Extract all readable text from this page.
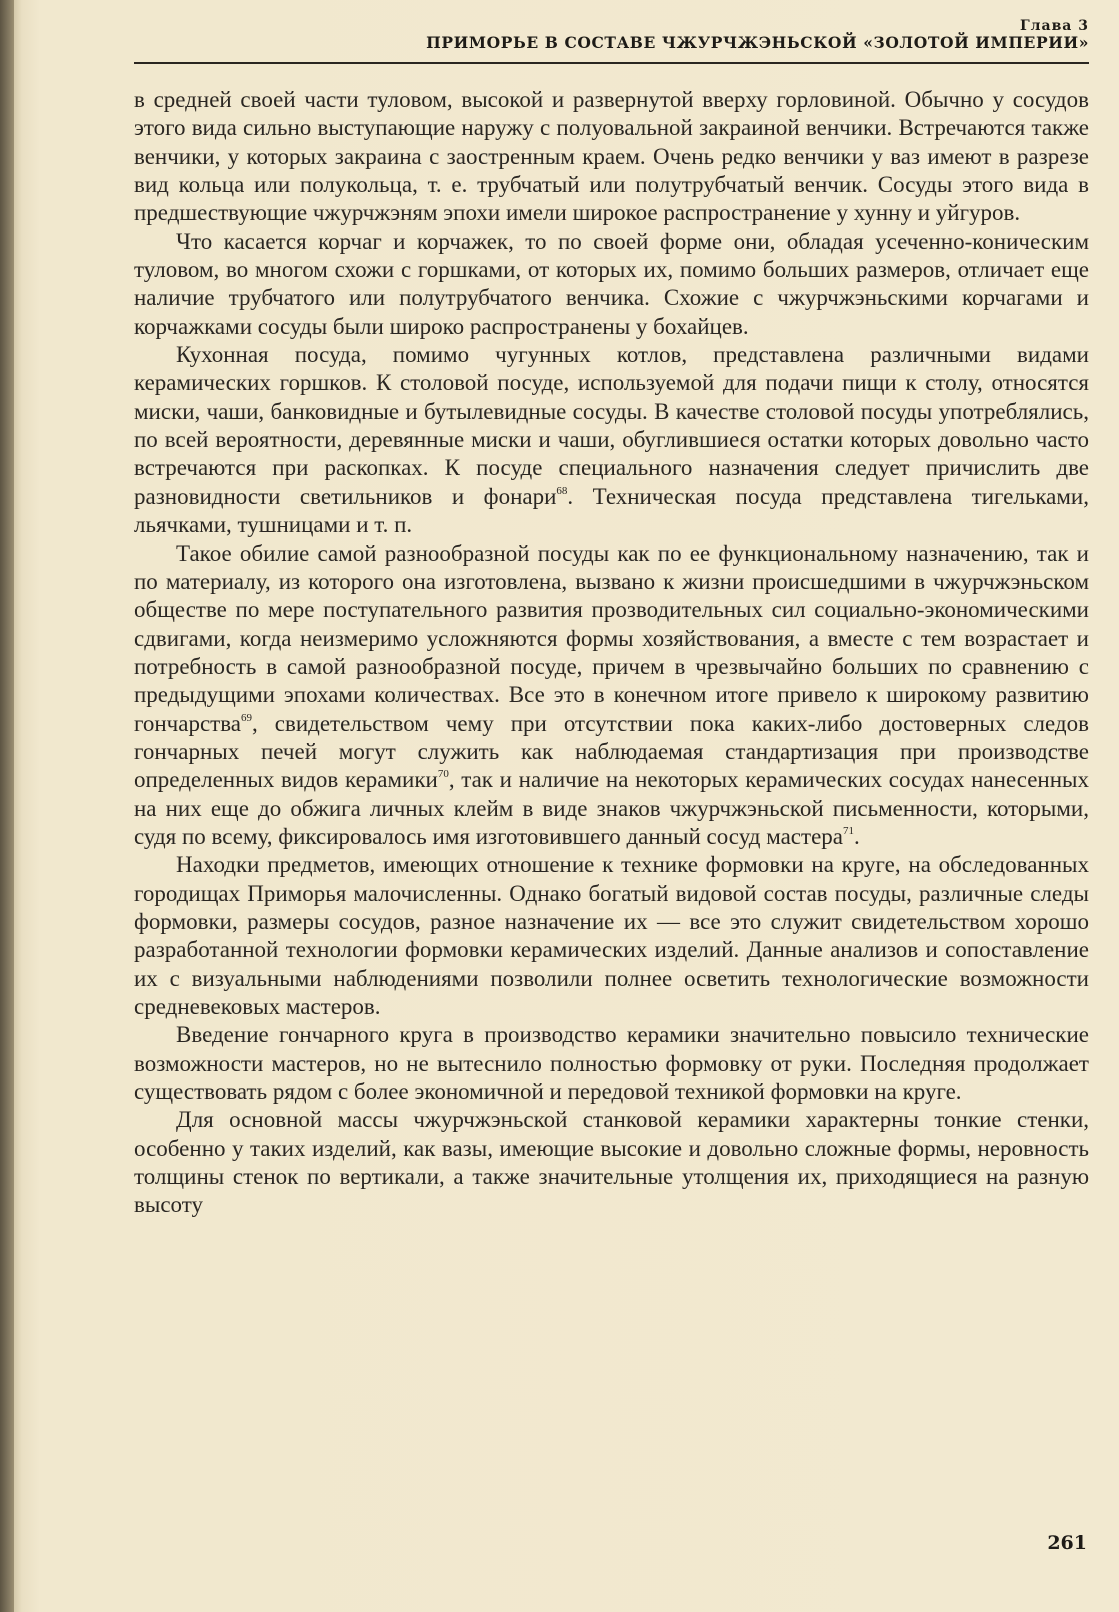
Глава 3
ПРИМОРЬЕ В СОСТАВЕ ЧЖУРЧЖЭНЬСКОЙ «ЗОЛОТОЙ ИМПЕРИИ»

в средней своей части туловом, высокой и развернутой вверху горловиной. Обычно у сосудов этого вида сильно выступающие наружу с полуовальной закраиной венчики. Встречаются также венчики, у которых закраина с заостренным краем. Очень редко венчики у ваз имеют в разрезе вид кольца или полукольца, т. е. трубчатый или полутрубчатый венчик. Сосуды этого вида в предшествующие чжурчжэням эпохи имели широкое распространение у хунну и уйгуров.

Что касается корчаг и корчажек, то по своей форме они, обладая усеченно-коническим туловом, во многом схожи с горшками, от которых их, помимо больших размеров, отличает еще наличие трубчатого или полутрубчатого венчика. Схожие с чжурчжэньскими корчагами и корчажками сосуды были широко распространены у бохайцев.

Кухонная посуда, помимо чугунных котлов, представлена различными видами керамических горшков. К столовой посуде, используемой для подачи пищи к столу, относятся миски, чаши, банковидные и бутылевидные сосуды. В качестве столовой посуды употреблялись, по всей вероятности, деревянные миски и чаши, обуглившиеся остатки которых довольно часто встречаются при раскопках. К посуде специального назначения следует причислить две разновидности светильников и фонари$^{68}$. Техническая посуда представлена тигельками, льячками, тушницами и т. п.

Такое обилие самой разнообразной посуды как по ее функциональному назначению, так и по материалу, из которого она изготовлена, вызвано к жизни происшедшими в чжурчжэньском обществе по мере поступательного развития прозводительных сил социально-экономическими сдвигами, когда неизмеримо усложняются формы хозяйствования, а вместе с тем возрастает и потребность в самой разнообразной посуде, причем в чрезвычайно больших по сравнению с предыдущими эпохами количествах. Все это в конечном итоге привело к широкому развитию гончарства$^{69}$, свидетельством чему при отсутствии пока каких-либо достоверных следов гончарных печей могут служить как наблюдаемая стандартизация при производстве определенных видов керамики$^{70}$, так и наличие на некоторых керамических сосудах нанесенных на них еще до обжига личных клейм в виде знаков чжурчжэньской письменности, которыми, судя по всему, фиксировалось имя изготовившего данный сосуд мастера$^{71}$.

Находки предметов, имеющих отношение к технике формовки на круге, на обследованных городищах Приморья малочисленны. Однако богатый видовой состав посуды, различные следы формовки, размеры сосудов, разное назначение их — все это служит свидетельством хорошо разработанной технологии формовки керамических изделий. Данные анализов и сопоставление их с визуальными наблюдениями позволили полнее осветить технологические возможности средневековых мастеров.

Введение гончарного круга в производство керамики значительно повысило технические возможности мастеров, но не вытеснило полностью формовку от руки. Последняя продолжает существовать рядом с более экономичной и передовой техникой формовки на круге.

Для основной массы чжурчжэньской станковой керамики характерны тонкие стенки, особенно у таких изделий, как вазы, имеющие высокие и довольно сложные формы, неровность толщины стенок по вертикали, а также значительные утолщения их, приходящиеся на разную высоту

261
